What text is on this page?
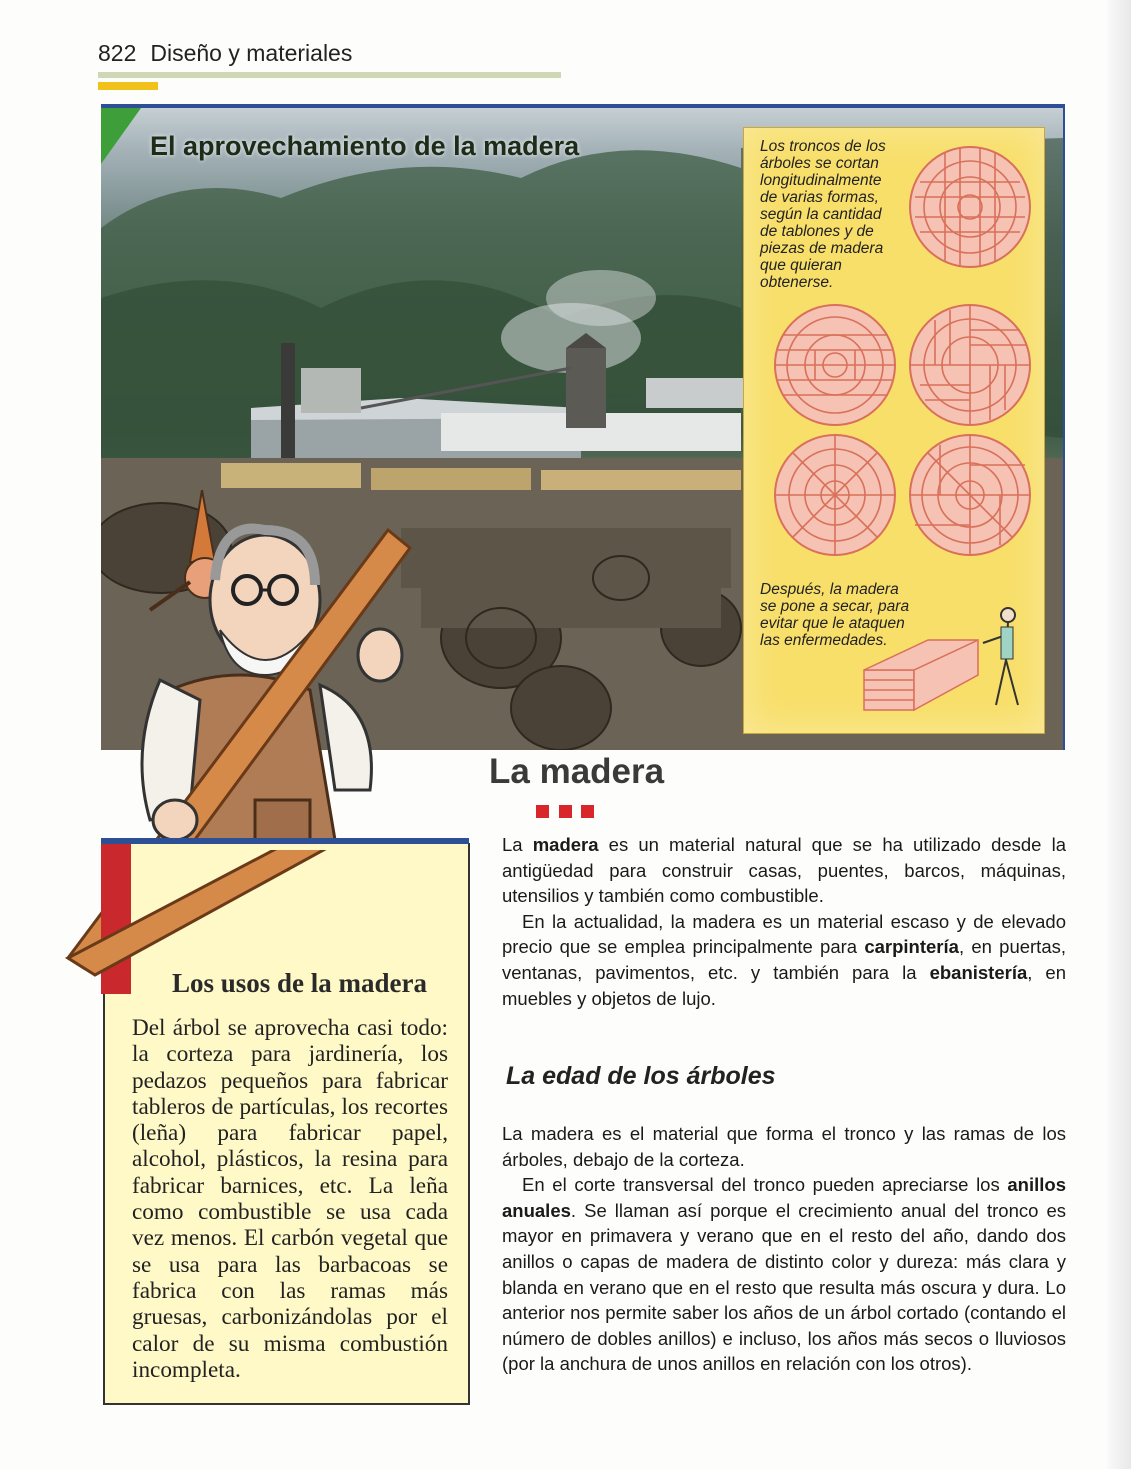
822 Diseño y materiales
El aprovechamiento de la madera	Los troncos de los árboles se cortan longitudinalmente de varias formas, según la cantidad de tablones y de piezas de madera que quieran obtenerse.
Después, la madera se pone a secar, para evitar que le ataquen las enfermedades.
La madera

La madera es un material natural que se ha utilizado desde la antigüedad para construir casas, puentes, barcos, máquinas, utensilios y también como combustible.

En la actualidad, la madera es un material escaso y de elevado precio que se emplea principalmente para carpintería, en puertas, ventanas, pavimentos, etc. y también para la ebanistería, en muebles y objetos de lujo.

La edad de los árboles

La madera es el material que forma el tronco y las ramas de los árboles, debajo de la corteza.

En el corte transversal del tronco pueden apreciarse los anillos anuales. Se llaman así porque el crecimiento anual del tronco es mayor en primavera y verano que en el resto del año, dando dos anillos o capas de madera de distinto color y dureza: más clara y blanda en verano que en el resto que resulta más oscura y dura. Lo anterior nos permite saber los años de un árbol cortado (contando el número de dobles anillos) e incluso, los años más secos o lluviosos (por la anchura de unos anillos en relación con los otros).

Los usos de la madera
Del árbol se aprovecha casi todo: la corteza para jardinería, los pedazos pequeños para fabricar tableros de partículas, los recortes (leña) para fabricar papel, alcohol, plásticos, la resina para fabricar barnices, etc. La leña como combustible se usa cada vez menos. El carbón vegetal que se usa para las barbacoas se fabrica con las ramas más gruesas, carbonizándolas por el calor de su misma combustión incompleta.
